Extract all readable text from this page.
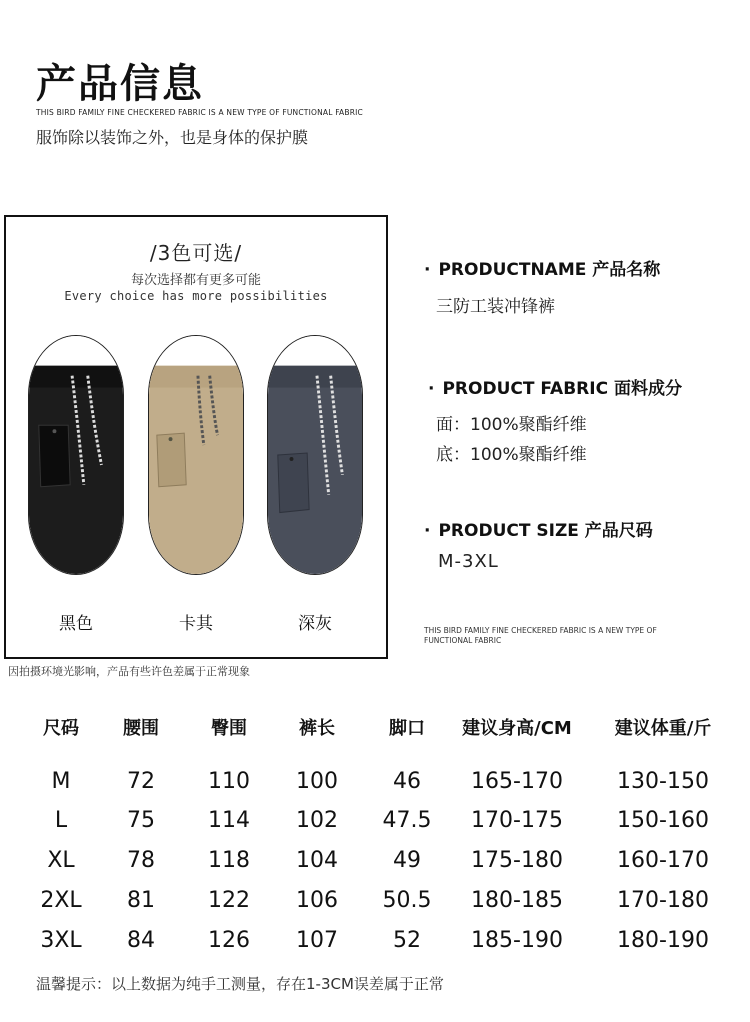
产品信息
THIS BIRD FAMILY FINE CHECKERED FABRIC IS A NEW TYPE OF FUNCTIONAL FABRIC
服饰除以装饰之外，也是身体的保护膜
/3色可选/
每次选择都有更多可能
Every choice has more possibilities
黑色	卡其	深灰
因拍摄环境光影响，产品有些许色差属于正常现象
· PRODUCTNAME 产品名称
三防工装冲锋裤
· PRODUCT FABRIC 面料成分
面：100%聚酯纤维
底：100%聚酯纤维
· PRODUCT SIZE 产品尺码
M-3XL
THIS BIRD FAMILY FINE CHECKERED FABRIC IS A NEW TYPE OF FUNCTIONAL FABRIC
尺码	腰围	臀围	裤长	脚口	建议身高/CM	建议体重/斤
M	72	110	100	46	165-170	130-150
L	75	114	102	47.5	170-175	150-160
XL	78	118	104	49	175-180	160-170
2XL	81	122	106	50.5	180-185	170-180
3XL	84	126	107	52	185-190	180-190
温馨提示：以上数据为纯手工测量，存在1-3CM误差属于正常
